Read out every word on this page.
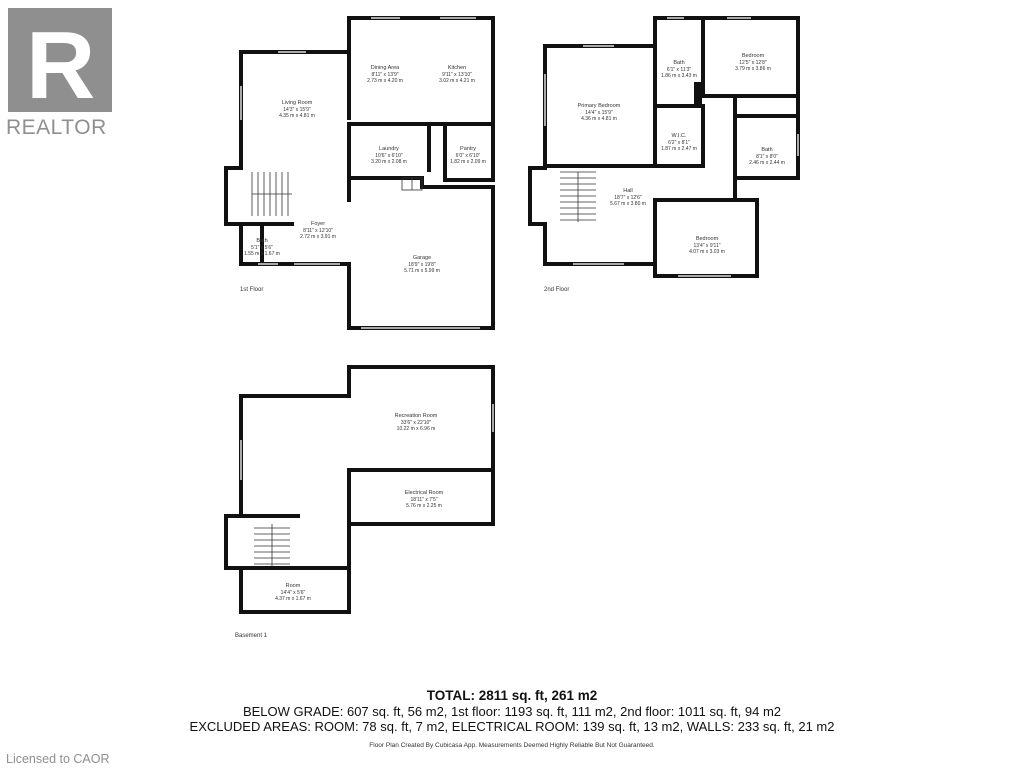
R
REALTOR
Living Room
14'3" x 15'9"
4.35 m x 4.81 m
Dining Area
8'11" x 13'9"
2.73 m x 4.20 m
Kitchen
9'11" x 13'10"
3.02 m x 4.21 m
Laundry
10'6" x 6'10"
3.20 m x 2.08 m
Pantry
6'0" x 6'10"
1.82 m x 2.09 m
Foyer
8'11" x 12'10"
2.72 m x 3.91 m
Bath
5'1" x 5'6"
1.55 m x 1.67 m
Garage
18'9" x 19'8"
5.71 m x 5.99 m
1st Floor
Primary Bedroom
14'4" x 15'9"
4.36 m x 4.81 m
Bath
6'1" x 11'3"
1.86 m x 3.43 m
Bedroom
12'5" x 12'8"
3.79 m x 3.86 m
W.I.C.
6'2" x 8'1"
1.87 m x 2.47 m	Bath
8'1" x 8'0"
2.46 m x 2.44 m
Hall
18'7" x 12'6"
5.67 m x 3.80 m
Bedroom
13'4" x 9'11"
4.07 m x 3.03 m
2nd Floor
Recreation Room
33'6" x 22'10"
10.22 m x 6.96 m
Electrical Room
18'11" x 7'5"
5.76 m x 2.25 m
Room
14'4" x 5'6"
4.37 m x 1.67 m
Basement 1
TOTAL: 2811 sq. ft, 261 m2
BELOW GRADE: 607 sq. ft, 56 m2, 1st floor: 1193 sq. ft, 111 m2, 2nd floor: 1011 sq. ft, 94 m2
EXCLUDED AREAS: ROOM: 78 sq. ft, 7 m2, ELECTRICAL ROOM: 139 sq. ft, 13 m2, WALLS: 233 sq. ft, 21 m2
Floor Plan Created By Cubicasa App. Measurements Deemed Highly Reliable But Not Guaranteed.
Licensed to CAOR
